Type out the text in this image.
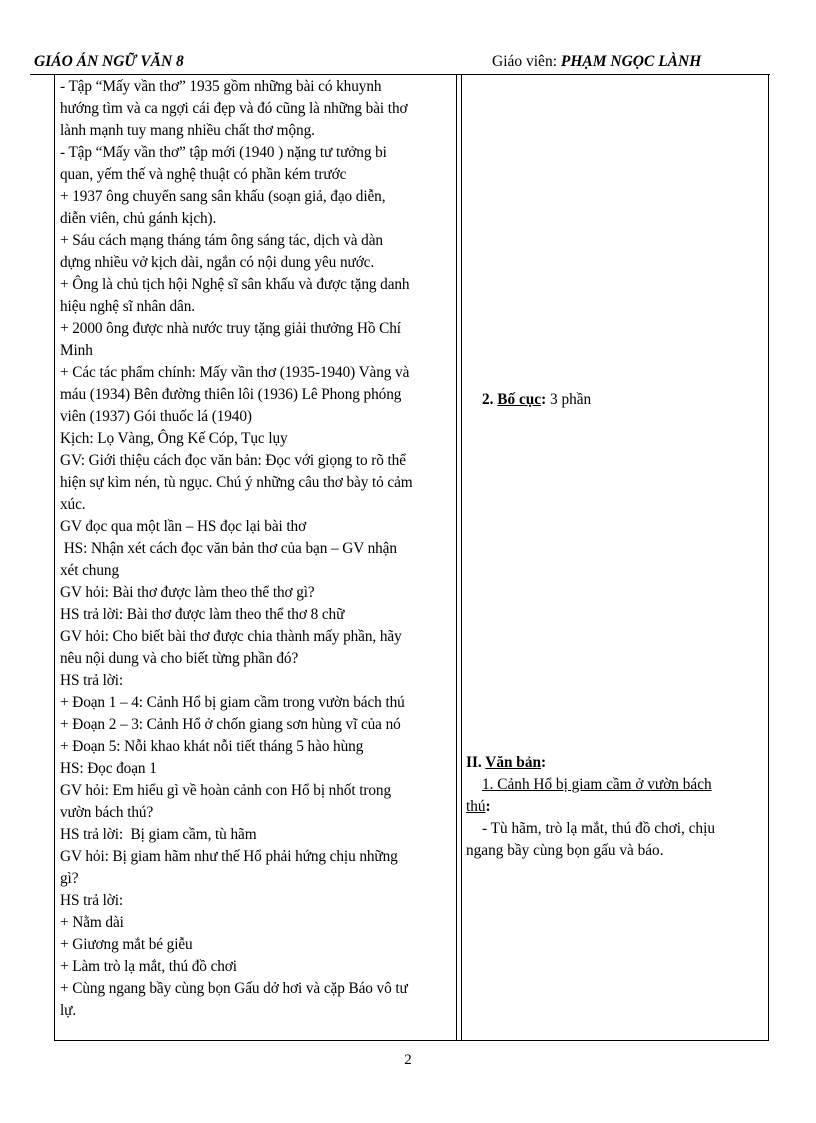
GIÁO ÁN NGỮ VĂN 8	Giáo viên: PHẠM NGỌC LÀNH
- Tập “Mấy vần thơ” 1935 gồm những bài có khuynh
hướng tìm và ca ngợi cái đẹp và đó cũng là những bài thơ
lành mạnh tuy mang nhiều chất thơ mộng.
- Tập “Mấy vần thơ” tập mới (1940 ) nặng tư tưởng bi
quan, yếm thế và nghệ thuật có phần kém trước
+ 1937 ông chuyển sang sân khấu (soạn giả, đạo diễn,
diễn viên, chủ gánh kịch).
+ Sáu cách mạng tháng tám ông sáng tác, dịch và dàn
dựng nhiều vở kịch dài, ngắn có nội dung yêu nước.
+ Ông là chủ tịch hội Nghệ sĩ sân khấu và được tặng danh
hiệu nghệ sĩ nhân dân.
+ 2000 ông được nhà nước truy tặng giải thưởng Hồ Chí
Minh
+ Các tác phẩm chính: Mấy vần thơ (1935-1940) Vàng và
máu (1934) Bên đường thiên lôi (1936) Lê Phong phóng
viên (1937) Gói thuốc lá (1940)
Kịch: Lọ Vàng, Ông Kế Cóp, Tục lụy
GV: Giới thiệu cách đọc văn bản: Đọc với giọng to rõ thể
hiện sự kìm nén, tù ngục. Chú ý những câu thơ bày tỏ cảm
xúc.
GV đọc qua một lần – HS đọc lại bài thơ
HS: Nhận xét cách đọc văn bản thơ của bạn – GV nhận
xét chung
GV hỏi: Bài thơ được làm theo thể thơ gì?
HS trả lời: Bài thơ được làm theo thể thơ 8 chữ
GV hỏi: Cho biết bài thơ được chia thành mấy phần, hãy
nêu nội dung và cho biết từng phần đó?
HS trả lời:
+ Đoạn 1 – 4: Cảnh Hổ bị giam cầm trong vườn bách thú
+ Đoạn 2 – 3: Cảnh Hổ ở chốn giang sơn hùng vĩ của nó
+ Đoạn 5: Nỗi khao khát nỗi tiết tháng 5 hào hùng
HS: Đọc đoạn 1
GV hỏi: Em hiểu gì về hoàn cảnh con Hổ bị nhốt trong
vườn bách thú?
HS trả lời:  Bị giam cầm, tù hãm
GV hỏi: Bị giam hãm như thế Hổ phải hứng chịu những
gì?
HS trả lời:
+ Nằm dài
+ Giương mắt bé giễu
+ Làm trò lạ mắt, thú đồ chơi
+ Cùng ngang bầy cùng bọn Gấu dở hơi và cặp Báo vô tư
lự.
2. Bố cục: 3 phần
II. Văn bản:
1. Cảnh Hổ bị giam cầm ở vườn bách
thú:
- Tù hãm, trò lạ mắt, thú đồ chơi, chịu
ngang bầy cùng bọn gấu và báo.
2
